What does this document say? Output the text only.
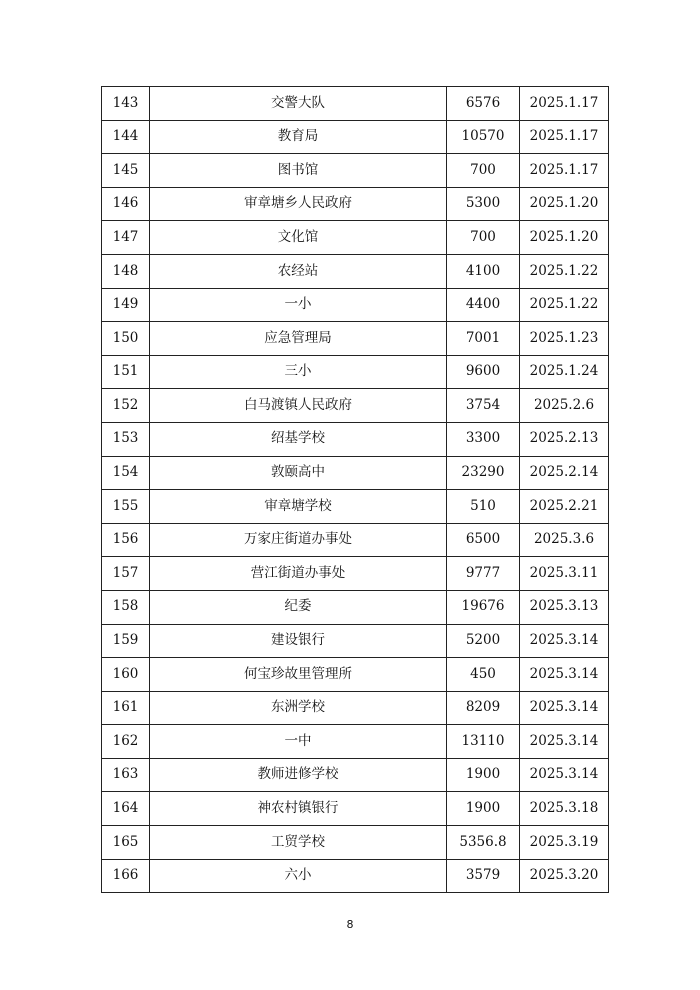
143	交警大队	6576	2025.1.17
144	教育局	10570	2025.1.17
145	图书馆	700	2025.1.17
146	审章塘乡人民政府	5300	2025.1.20
147	文化馆	700	2025.1.20
148	农经站	4100	2025.1.22
149	一小	4400	2025.1.22
150	应急管理局	7001	2025.1.23
151	三小	9600	2025.1.24
152	白马渡镇人民政府	3754	2025.2.6
153	绍基学校	3300	2025.2.13
154	敦颐高中	23290	2025.2.14
155	审章塘学校	510	2025.2.21
156	万家庄街道办事处	6500	2025.3.6
157	营江街道办事处	9777	2025.3.11
158	纪委	19676	2025.3.13
159	建设银行	5200	2025.3.14
160	何宝珍故里管理所	450	2025.3.14
161	东洲学校	8209	2025.3.14
162	一中	13110	2025.3.14
163	教师进修学校	1900	2025.3.14
164	神农村镇银行	1900	2025.3.18
165	工贸学校	5356.8	2025.3.19
166	六小	3579	2025.3.20
8
